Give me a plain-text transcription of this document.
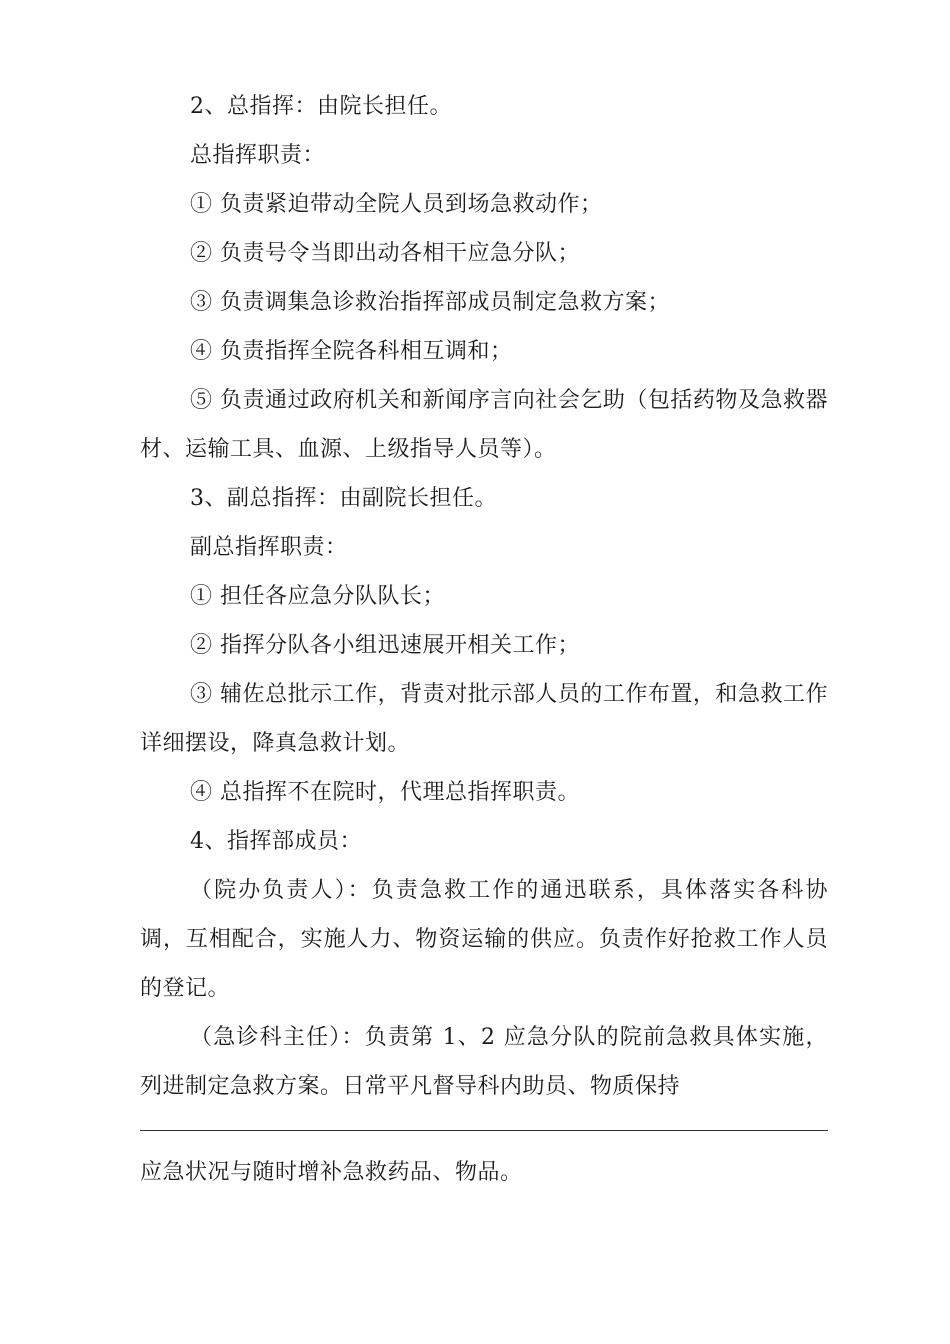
2、总指挥：由院长担任。

总指挥职责：

① 负责紧迫带动全院人员到场急救动作；

② 负责号令当即出动各相干应急分队；

③ 负责调集急诊救治指挥部成员制定急救方案；

④ 负责指挥全院各科相互调和；

⑤ 负责通过政府机关和新闻序言向社会乞助（包括药物及急救器材、运输工具、血源、上级指导人员等）。

3、副总指挥：由副院长担任。

副总指挥职责：

① 担任各应急分队队长；

② 指挥分队各小组迅速展开相关工作；

③ 辅佐总批示工作，背责对批示部人员的工作布置，和急救工作详细摆设，降真急救计划。

④ 总指挥不在院时，代理总指挥职责。

4、指挥部成员：

（院办负责人）：负责急救工作的通迅联系，具体落实各科协调，互相配合，实施人力、物资运输的供应。负责作好抢救工作人员的登记。

（急诊科主任）：负责第 1、2 应急分队的院前急救具体实施，列进制定急救方案。日常平凡督导科内助员、物质保持

应急状况与随时增补急救药品、物品。
